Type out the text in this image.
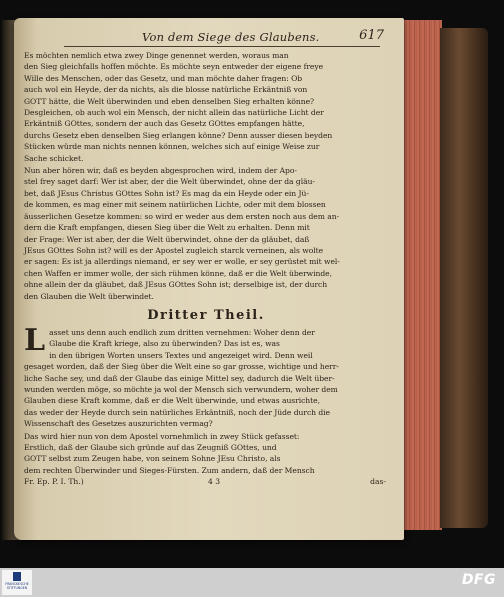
Von dem Siege des Glaubens.	617

Es möchten nemlich etwa zwey Dinge genennet werden, woraus man
den Sieg gleichfalls hoffen möchte. Es möchte seyn entweder der eigene freye
Wille des Menschen, oder das Gesetz, und man möchte daher fragen: Ob
auch wol ein Heyde, der da nichts, als die blosse natürliche Erkäntniß von
GOTT hätte, die Welt überwinden und eben denselben Sieg erhalten könne?
Desgleichen, ob auch wol ein Mensch, der nicht allein das natürliche Licht der
Erkäntniß GOttes, sondern der auch das Gesetz GOttes empfangen hätte,
durchs Gesetz eben denselben Sieg erlangen könne? Denn ausser diesen beyden
Stücken würde man nichts nennen können, welches sich auf einige Weise zur
Sache schicket.

Nun aber hören wir, daß es beyden abgesprochen wird, indem der Apo-
stel frey saget darf: Wer ist aber, der die Welt überwindet, ohne der da gläu-
bet, daß JEsus Christus GOttes Sohn ist? Es mag da ein Heyde oder ein Jü-
de kommen, es mag einer mit seinem natürlichen Lichte, oder mit dem blossen
äusserlichen Gesetze kommen: so wird er weder aus dem ersten noch aus dem an-
dern die Kraft empfangen, diesen Sieg über die Welt zu erhalten. Denn mit
der Frage: Wer ist aber, der die Welt überwindet, ohne der da gläubet, daß
JEsus GOttes Sohn ist? will es der Apostel zugleich starck verneinen, als wolte
er sagen: Es ist ja allerdings niemand, er sey wer er wolle, er sey gerüstet mit wel-
chen Waffen er immer wolle, der sich rühmen könne, daß er die Welt überwinde,
ohne allein der da gläubet, daß JEsus GOttes Sohn ist; derselbige ist, der durch
den Glauben die Welt überwindet.

Dritter Theil.
L asset uns denn auch endlich zum dritten vernehmen: Woher denn der
Glaube die Kraft kriege, also zu überwinden? Das ist es, was
in den übrigen Worten unsers Textes und angezeiget wird. Denn weil
gesaget worden, daß der Sieg über die Welt eine so gar grosse, wichtige und herr-
liche Sache sey, und daß der Glaube das einige Mittel sey, dadurch die Welt über-
wunden werden möge, so möchte ja wol der Mensch sich verwundern, woher dem
Glauben diese Kraft komme, daß er die Welt überwinde, und etwas ausrichte,
das weder der Heyde durch sein natürliches Erkäntniß, noch der Jüde durch die
Wissenschaft des Gesetzes auszurichten vermag?

Das wird hier nun von dem Apostel vornehmlich in zwey Stück gefasset:
Erstlich, daß der Glaube sich gründe auf das Zeugniß GOttes, und
GOTT selbst zum Zeugen habe, von seinem Sohne JEsu Christo, als
dem rechten Überwinder und Sieges-Fürsten. Zum andern, daß der Mensch

Fr. Ep. P. I. Th.)	4 3	das-
FRANCKESCHE STIFTUNGEN	DFG
